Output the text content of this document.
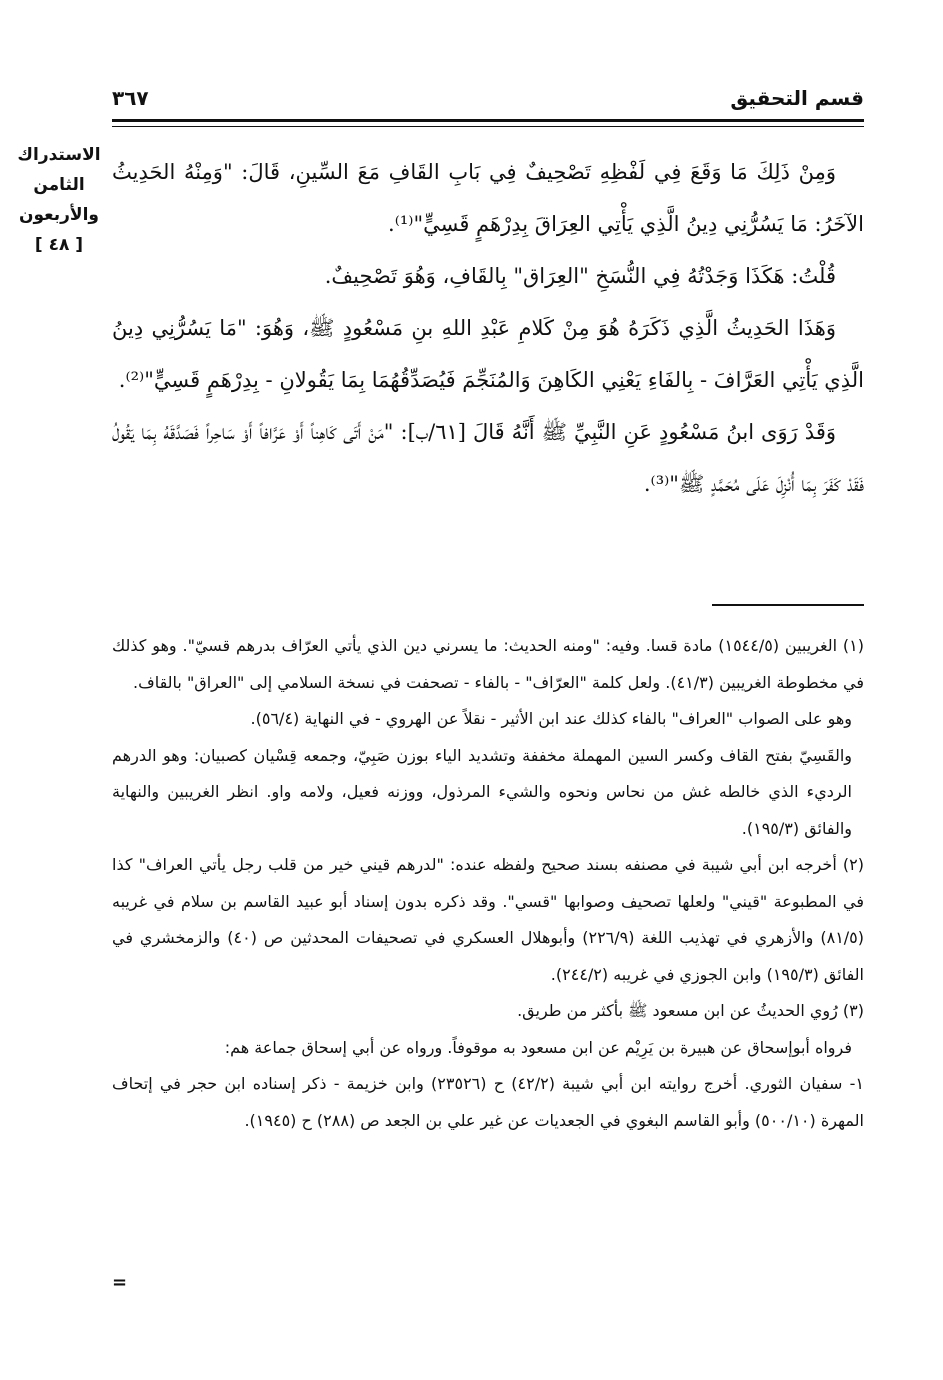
قسم التحقيق
٣٦٧
الاستدراك
الثامن
والأربعون
[ ٤٨ ]

وَمِنْ ذَلِكَ مَا وَقَعَ فِي لَفْظِهِ تَصْحِيفٌ فِي بَابِ القَافِ مَعَ السِّينِ، قَالَ: "وَمِنْهُ الحَدِيثُ الآخَرُ: مَا يَسُرُّنِي دِينُ الَّذِي يَأْتِي العِرَاقَ بِدِرْهَمٍ قَسِيٍّ"⁽¹⁾.

قُلْتُ: هَكَذَا وَجَدْتُهُ فِي النُّسَخِ "العِرَاق" بِالقَافِ، وَهُوَ تَصْحِيفٌ.

وَهَذَا الحَدِيثُ الَّذِي ذَكَرَهُ هُوَ مِنْ كَلامِ عَبْدِ اللهِ بنِ مَسْعُودٍ ﷺ، وَهُوَ: "مَا يَسُرُّنِي دِينُ الَّذِي يَأْتِي العَرَّافَ - بِالفَاءِ يَعْنِي الكَاهِنَ وَالمُنَجِّمَ فَيُصَدِّقُهُمَا بِمَا يَقُولانِ - بِدِرْهَمٍ قَسِيٍّ"⁽²⁾.

وَقَدْ رَوَى ابنُ مَسْعُودٍ عَنِ النَّبِيِّ ﷺ أَنَّهُ قَالَ [٦١/ب]: "مَنْ أَتَى كَاهِناً أَوْ عَرَّافاً أَوْ سَاحِراً فَصَدَّقَهُ بِمَا يَقُولُ فَقَدْ كَفَرَ بِمَا أُنْزِلَ عَلَى مُحَمَّدٍ ﷺ"⁽³⁾.

(١) الغريبين (١٥٤٤/٥) مادة قسا. وفيه: "ومنه الحديث: ما يسرني دين الذي يأتي العرّاف بدرهم قسيّ". وهو كذلك في مخطوطة الغريبين (٤١/٣). ولعل كلمة "العرّاف" - بالفاء - تصحفت في نسخة السلامي إلى "العراق" بالقاف.

وهو على الصواب "العراف" بالفاء كذلك عند ابن الأثير - نقلاً عن الهروي - في النهاية (٥٦/٤).

والقَسِيّ بفتح القاف وكسر السين المهملة مخففة وتشديد الياء بوزن صَبِيّ، وجمعه قِسْيان كصبيان: وهو الدرهم الرديء الذي خالطه غش من نحاس ونحوه والشيء المرذول، ووزنه فعيل، ولامه واو. انظر الغريبين والنهاية والفائق (١٩٥/٣).

(٢) أخرجه ابن أبي شيبة في مصنفه بسند صحيح ولفظه عنده: "لدرهم قيني خير من قلب رجل يأتي العراف" كذا في المطبوعة "قيني" ولعلها تصحيف وصوابها "قسي". وقد ذكره بدون إسناد أبو عبيد القاسم بن سلام في غريبه (٨١/٥) والأزهري في تهذيب اللغة (٢٢٦/٩) وأبوهلال العسكري في تصحيفات المحدثين ص (٤٠) والزمخشري في الفائق (١٩٥/٣) وابن الجوزي في غريبه (٢٤٤/٢).

(٣) رُوي الحديثُ عن ابن مسعود ﷺ بأكثر من طريق.

فرواه أبوإسحاق عن هبيرة بن يَرِيْم عن ابن مسعود به موقوفاً. ورواه عن أبي إسحاق جماعة هم:

١- سفيان الثوري. أخرج روايته ابن أبي شيبة (٤٢/٢) ح (٢٣٥٢٦) وابن خزيمة - ذكر إسناده ابن حجر في إتحاف المهرة (٥٠٠/١٠) وأبو القاسم البغوي في الجعديات عن غير علي بن الجعد ص (٢٨٨) ح (١٩٤٥).

=
